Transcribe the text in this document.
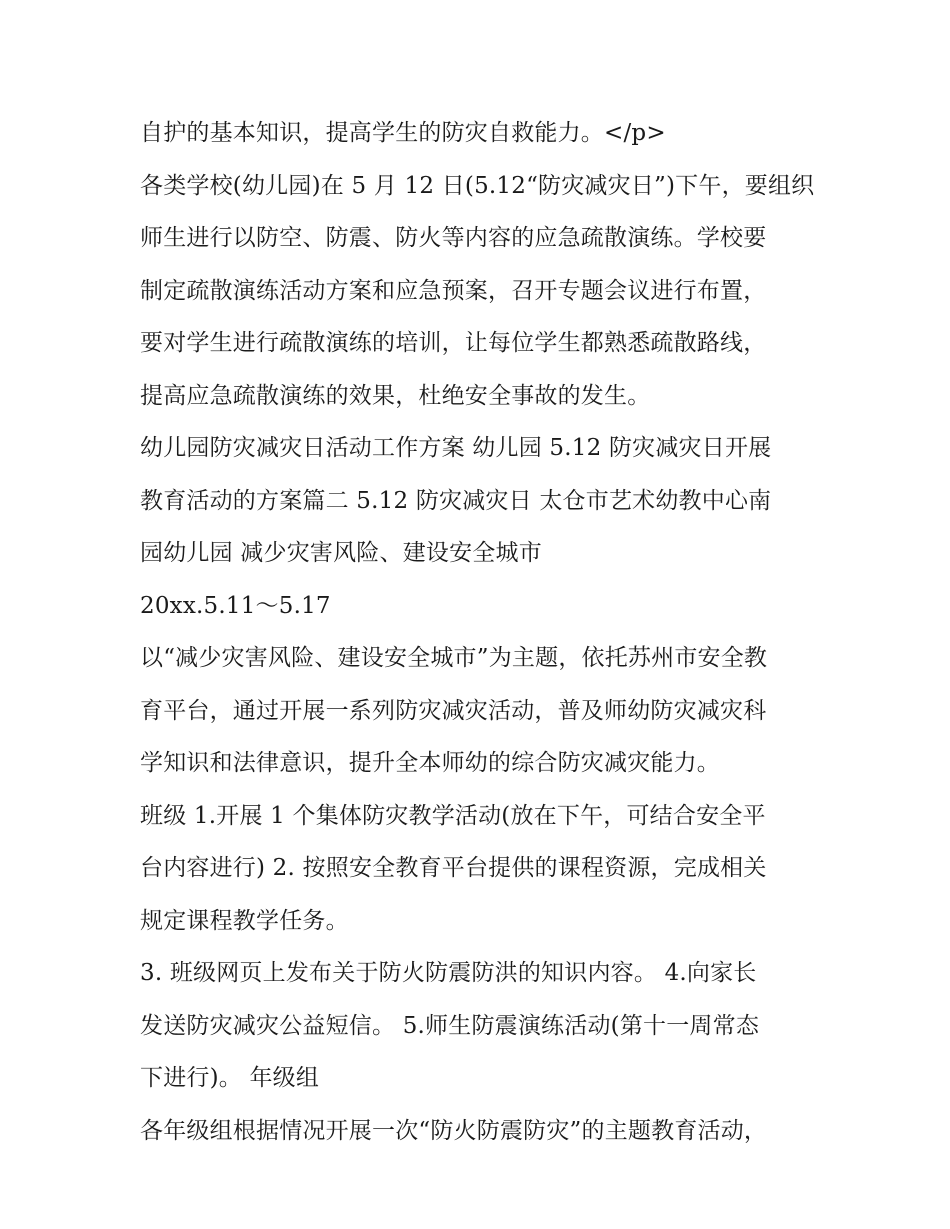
自护的基本知识，提高学生的防灾自救能力。</p>
各类学校(幼儿园)在 5 月 12 日(5.12“防灾减灾日”)下午，要组织
师生进行以防空、防震、防火等内容的应急疏散演练。学校要
制定疏散演练活动方案和应急预案，召开专题会议进行布置，
要对学生进行疏散演练的培训，让每位学生都熟悉疏散路线，
提高应急疏散演练的效果，杜绝安全事故的发生。
幼儿园防灾减灾日活动工作方案 幼儿园 5.12 防灾减灾日开展
教育活动的方案篇二 5.12 防灾减灾日 太仓市艺术幼教中心南
园幼儿园 减少灾害风险、建设安全城市
20xx.5.11～5.17
以“减少灾害风险、建设安全城市”为主题，依托苏州市安全教
育平台，通过开展一系列防灾减灾活动，普及师幼防灾减灾科
学知识和法律意识，提升全本师幼的综合防灾减灾能力。
班级 1.开展 1 个集体防灾教学活动(放在下午，可结合安全平
台内容进行) 2. 按照安全教育平台提供的课程资源，完成相关
规定课程教学任务。
3. 班级网页上发布关于防火防震防洪的知识内容。 4.向家长
发送防灾减灾公益短信。 5.师生防震演练活动(第十一周常态
下进行)。 年级组
各年级组根据情况开展一次“防火防震防灾”的主题教育活动，
